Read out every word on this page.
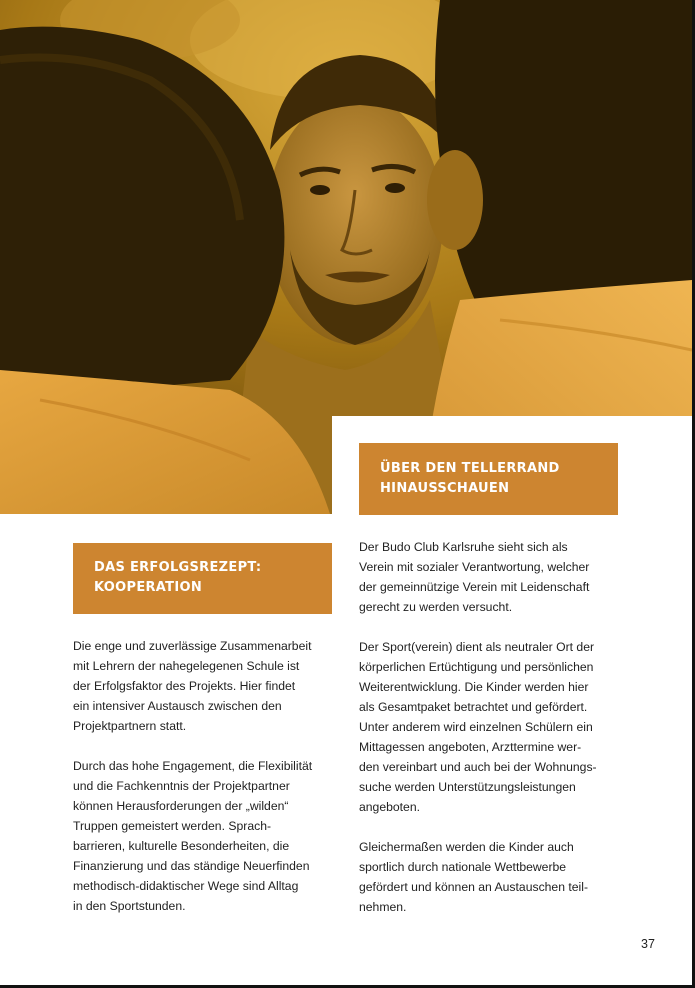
ÜBER DEN TELLERRAND
HINAUSSCHAUEN
DAS ERFOLGSREZEPT:
KOOPERATION

Die enge und zuverlässige Zusammenarbeit
mit Lehrern der nahegelegenen Schule ist
der Erfolgsfaktor des Projekts. Hier findet
ein intensiver Austausch zwischen den
Projektpartnern statt.

Durch das hohe Engagement, die Flexibilität
und die Fachkenntnis der Projektpartner
können Herausforderungen der „wilden“
Truppen gemeistert werden. Sprach-
barrieren, kulturelle Besonderheiten, die
Finanzierung und das ständige Neuerfinden
methodisch-didaktischer Wege sind Alltag
in den Sportstunden.

Der Budo Club Karlsruhe sieht sich als
Verein mit sozialer Verantwortung, welcher
der gemeinnützige Verein mit Leidenschaft
gerecht zu werden versucht.

Der Sport(verein) dient als neutraler Ort der
körperlichen Ertüchtigung und persönlichen
Weiterentwicklung. Die Kinder werden hier
als Gesamtpaket betrachtet und gefördert.
Unter anderem wird einzelnen Schülern ein
Mittagessen angeboten, Arzttermine wer-
den vereinbart und auch bei der Wohnungs-
suche werden Unterstützungsleistungen
angeboten.

Gleichermaßen werden die Kinder auch
sportlich durch nationale Wettbewerbe
gefördert und können an Austauschen teil-
nehmen.

37
